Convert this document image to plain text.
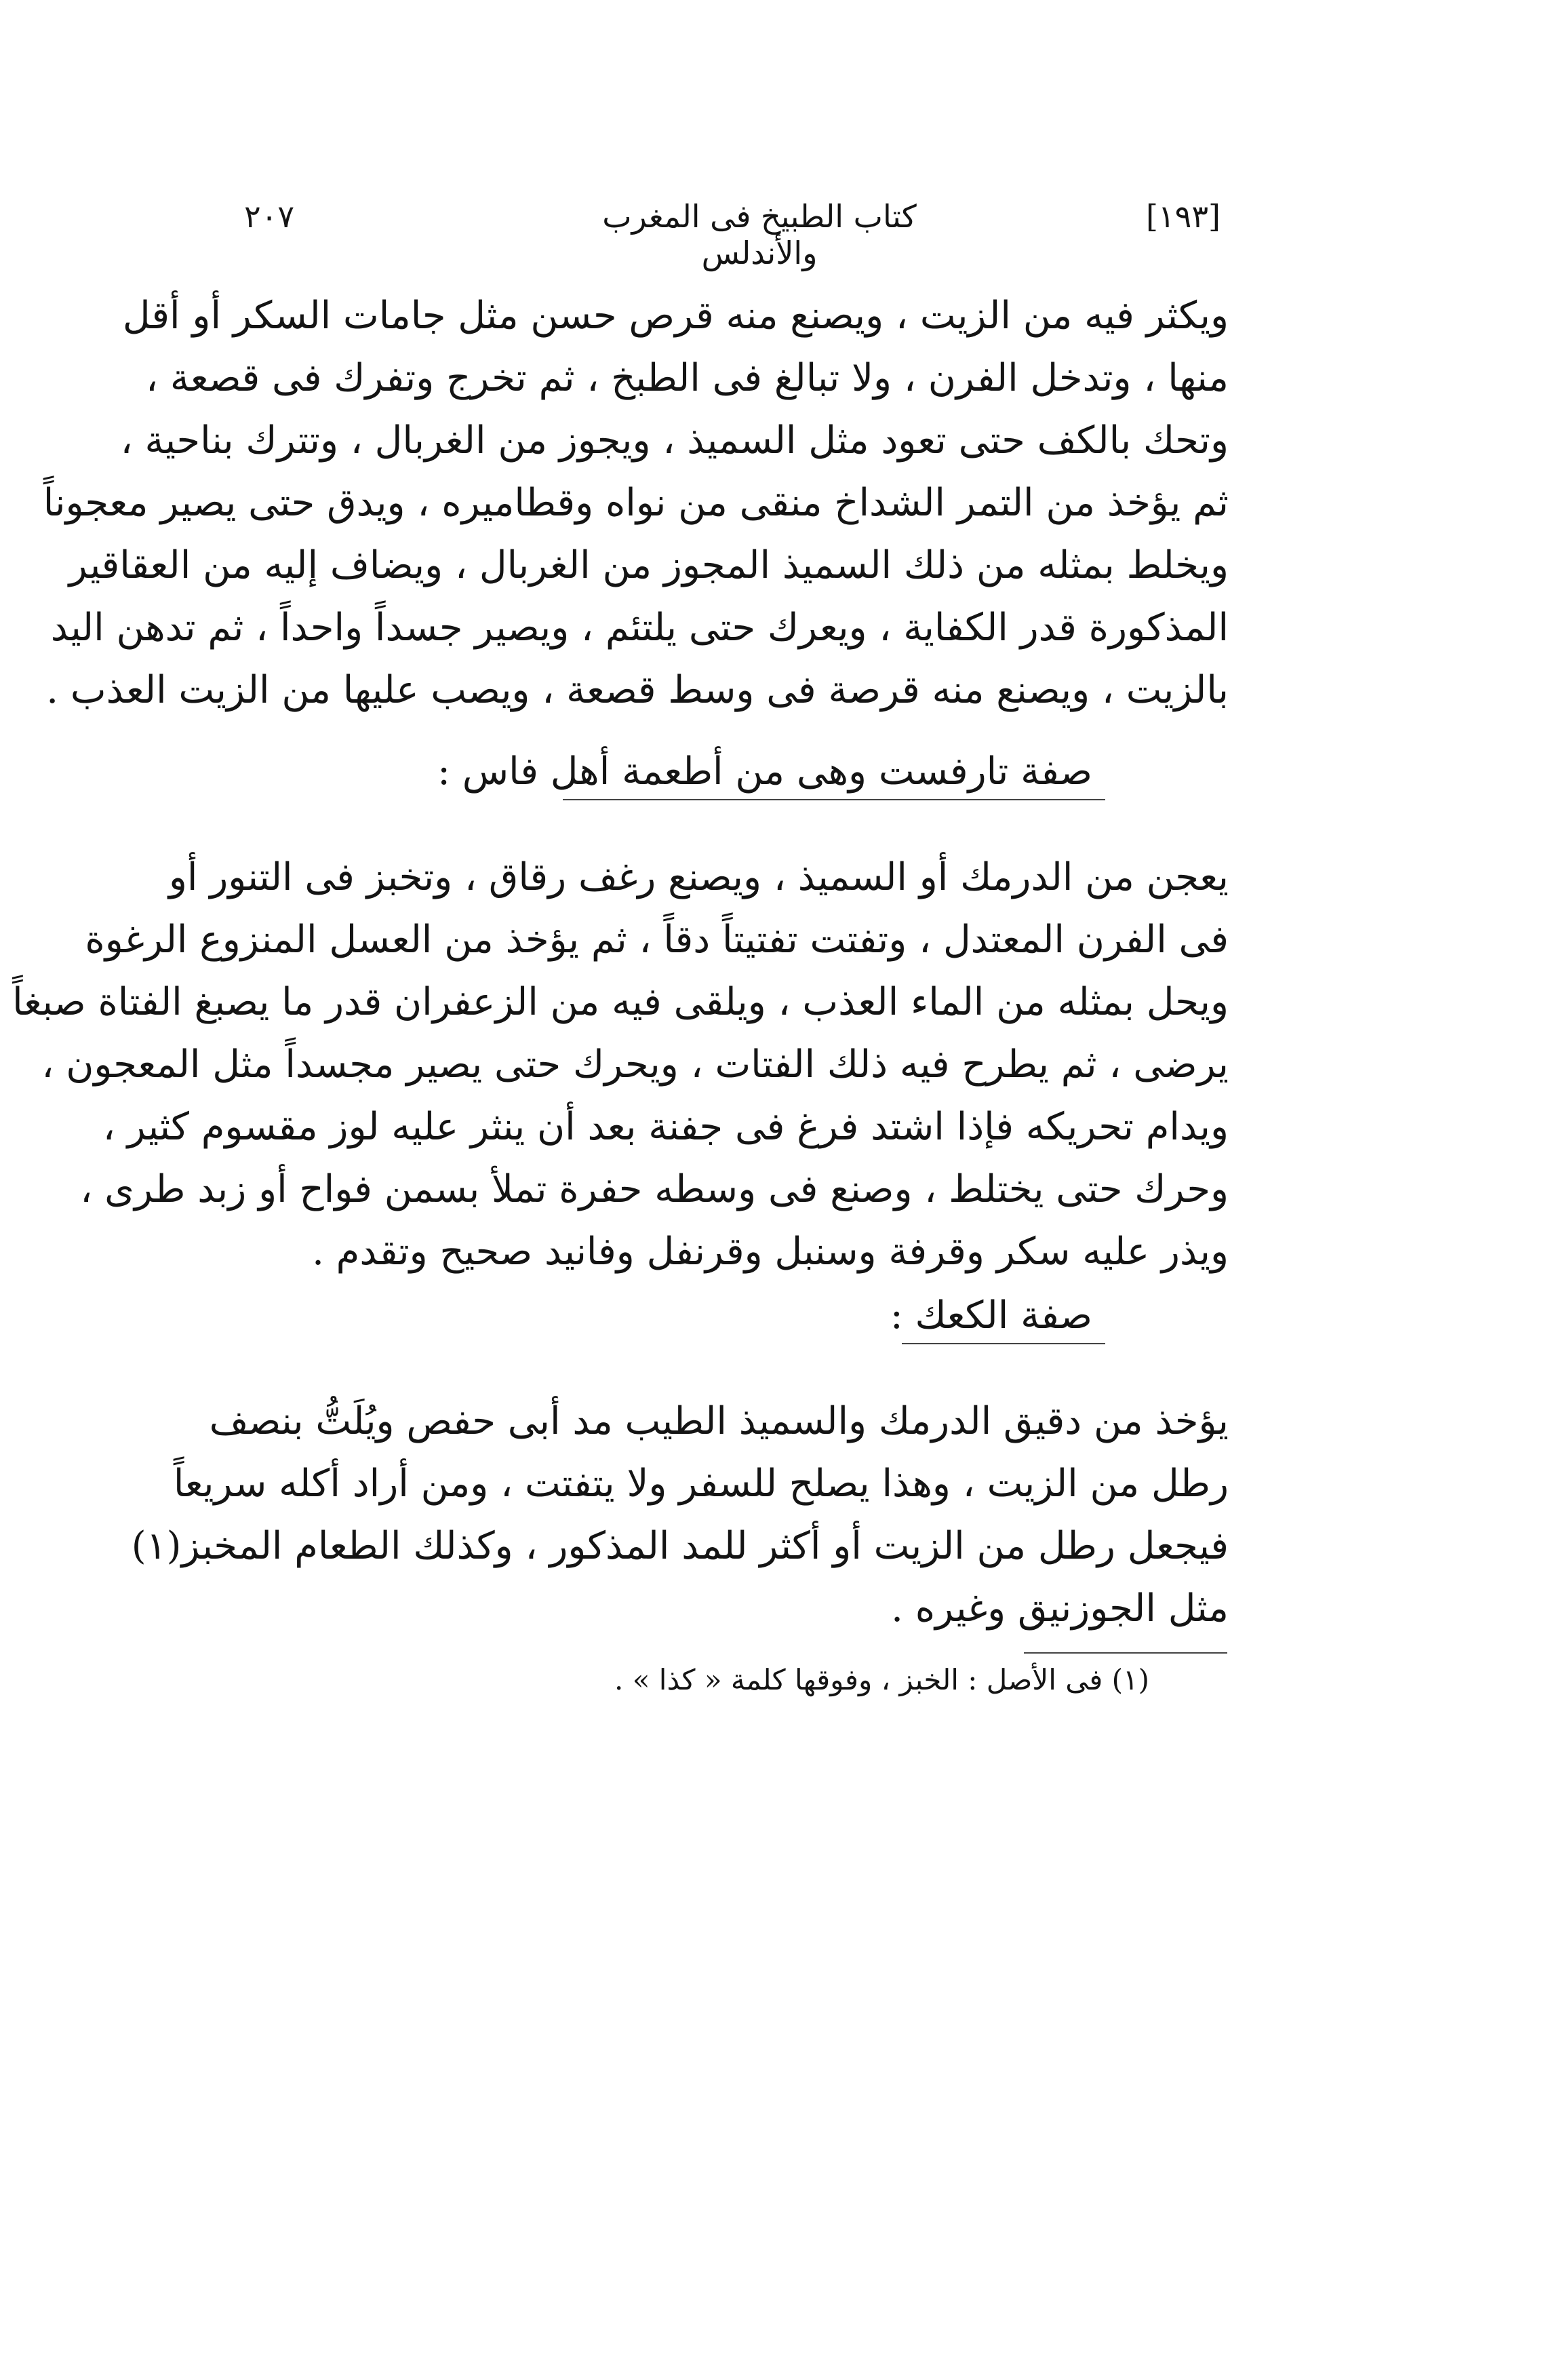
٢٠٧	كتاب الطبيخ فى المغرب والأندلس
[١٩٣]
ويكثر فيه من الزيت ، ويصنع منه قرص حسن مثل جامات السكر أو أقل
منها ، وتدخل الفرن ، ولا تبالغ فى الطبخ ، ثم تخرج وتفرك فى قصعة ،
وتحك بالكف حتى تعود مثل السميذ ، ويجوز من الغربال ، وتترك بناحية ،
ثم يؤخذ من التمر الشداخ منقى من نواه وقطاميره ، ويدق حتى يصير معجوناً
ويخلط بمثله من ذلك السميذ المجوز من الغربال ، ويضاف إليه من العقاقير
المذكورة قدر الكفاية ، ويعرك حتى يلتئم ، ويصير جسداً واحداً ، ثم تدهن اليد
بالزيت ، ويصنع منه قرصة فى وسط قصعة ، ويصب عليها من الزيت العذب .
صفة تارفست وهى من أطعمة أهل فاس :
يعجن من الدرمك أو السميذ ، ويصنع رغف رقاق ، وتخبز فى التنور أو
فى الفرن المعتدل ، وتفتت تفتيتاً دقاً ، ثم يؤخذ من العسل المنزوع الرغوة
ويحل بمثله من الماء العذب ، ويلقى فيه من الزعفران قدر ما يصبغ الفتاة صبغاً
يرضى ، ثم يطرح فيه ذلك الفتات ، ويحرك حتى يصير مجسداً مثل المعجون ،
ويدام تحريكه فإذا اشتد فرغ فى جفنة بعد أن ينثر عليه لوز مقسوم كثير ،
وحرك حتى يختلط ، وصنع فى وسطه حفرة تملأ بسمن فواح أو زبد طرى ،
ويذر عليه سكر وقرفة وسنبل وقرنفل وفانيد صحيح وتقدم .
صفة الكعك :
يؤخذ من دقيق الدرمك والسميذ الطيب مد أبى حفص ويُلَتُّ بنصف
رطل من الزيت ، وهذا يصلح للسفر ولا يتفتت ، ومن أراد أكله سريعاً
فيجعل رطل من الزيت أو أكثر للمد المذكور ، وكذلك الطعام المخبز(١)
مثل الجوزنيق وغيره .
(١) فى الأصل : الخبز ، وفوقها كلمة « كذا » .
